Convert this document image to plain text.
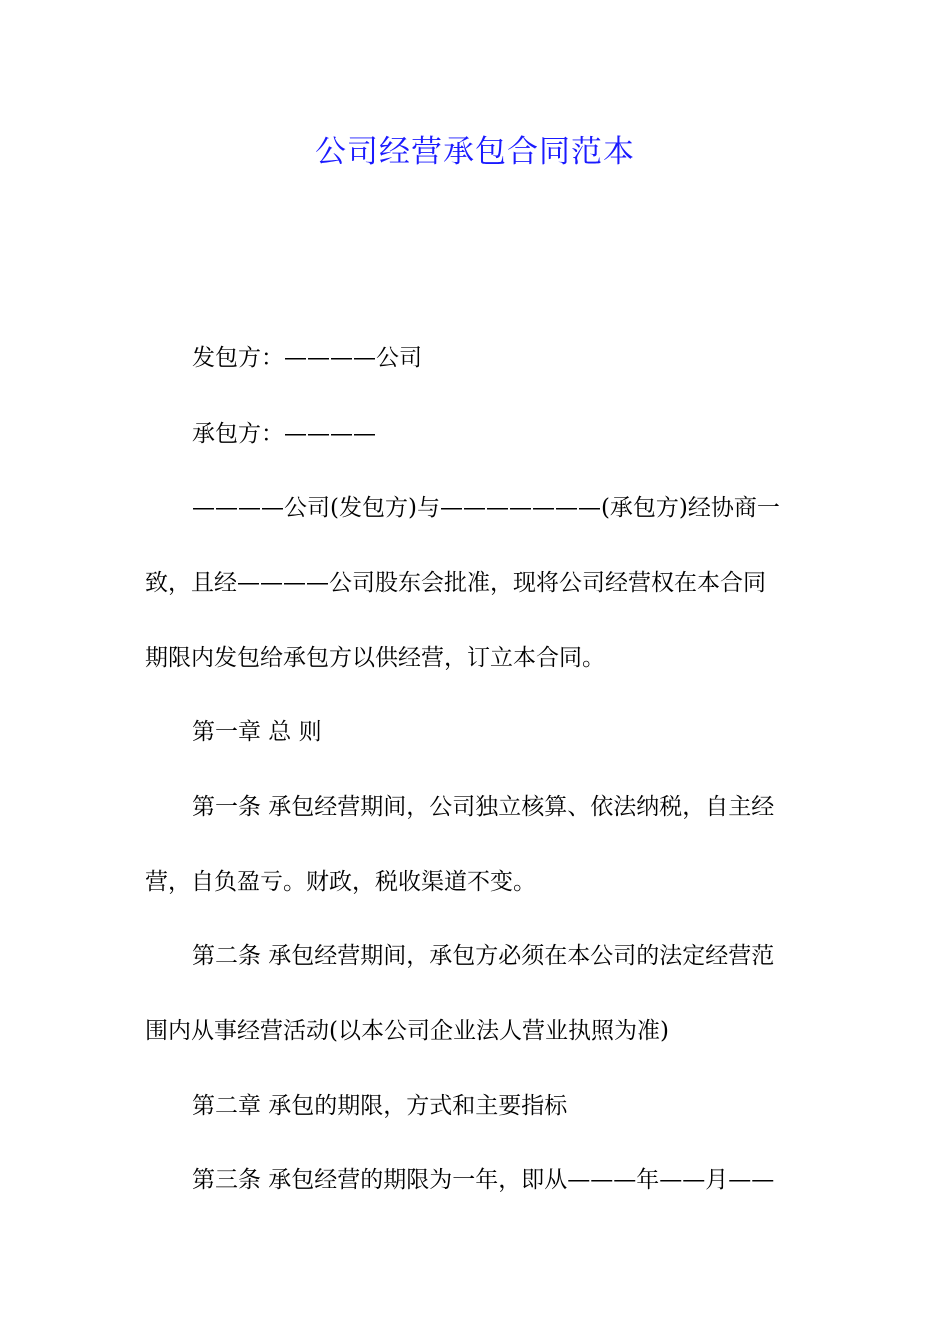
公司经营承包合同范本
发包方：————公司
承包方：————
————公司(发包方)与———————(承包方)经协商一
致，且经————公司股东会批准，现将公司经营权在本合同
期限内发包给承包方以供经营，订立本合同。
第一章 总 则
第一条 承包经营期间，公司独立核算、依法纳税，自主经
营，自负盈亏。财政，税收渠道不变。
第二条 承包经营期间，承包方必须在本公司的法定经营范
围内从事经营活动(以本公司企业法人营业执照为准)
第二章 承包的期限，方式和主要指标
第三条 承包经营的期限为一年，即从———年——月——
